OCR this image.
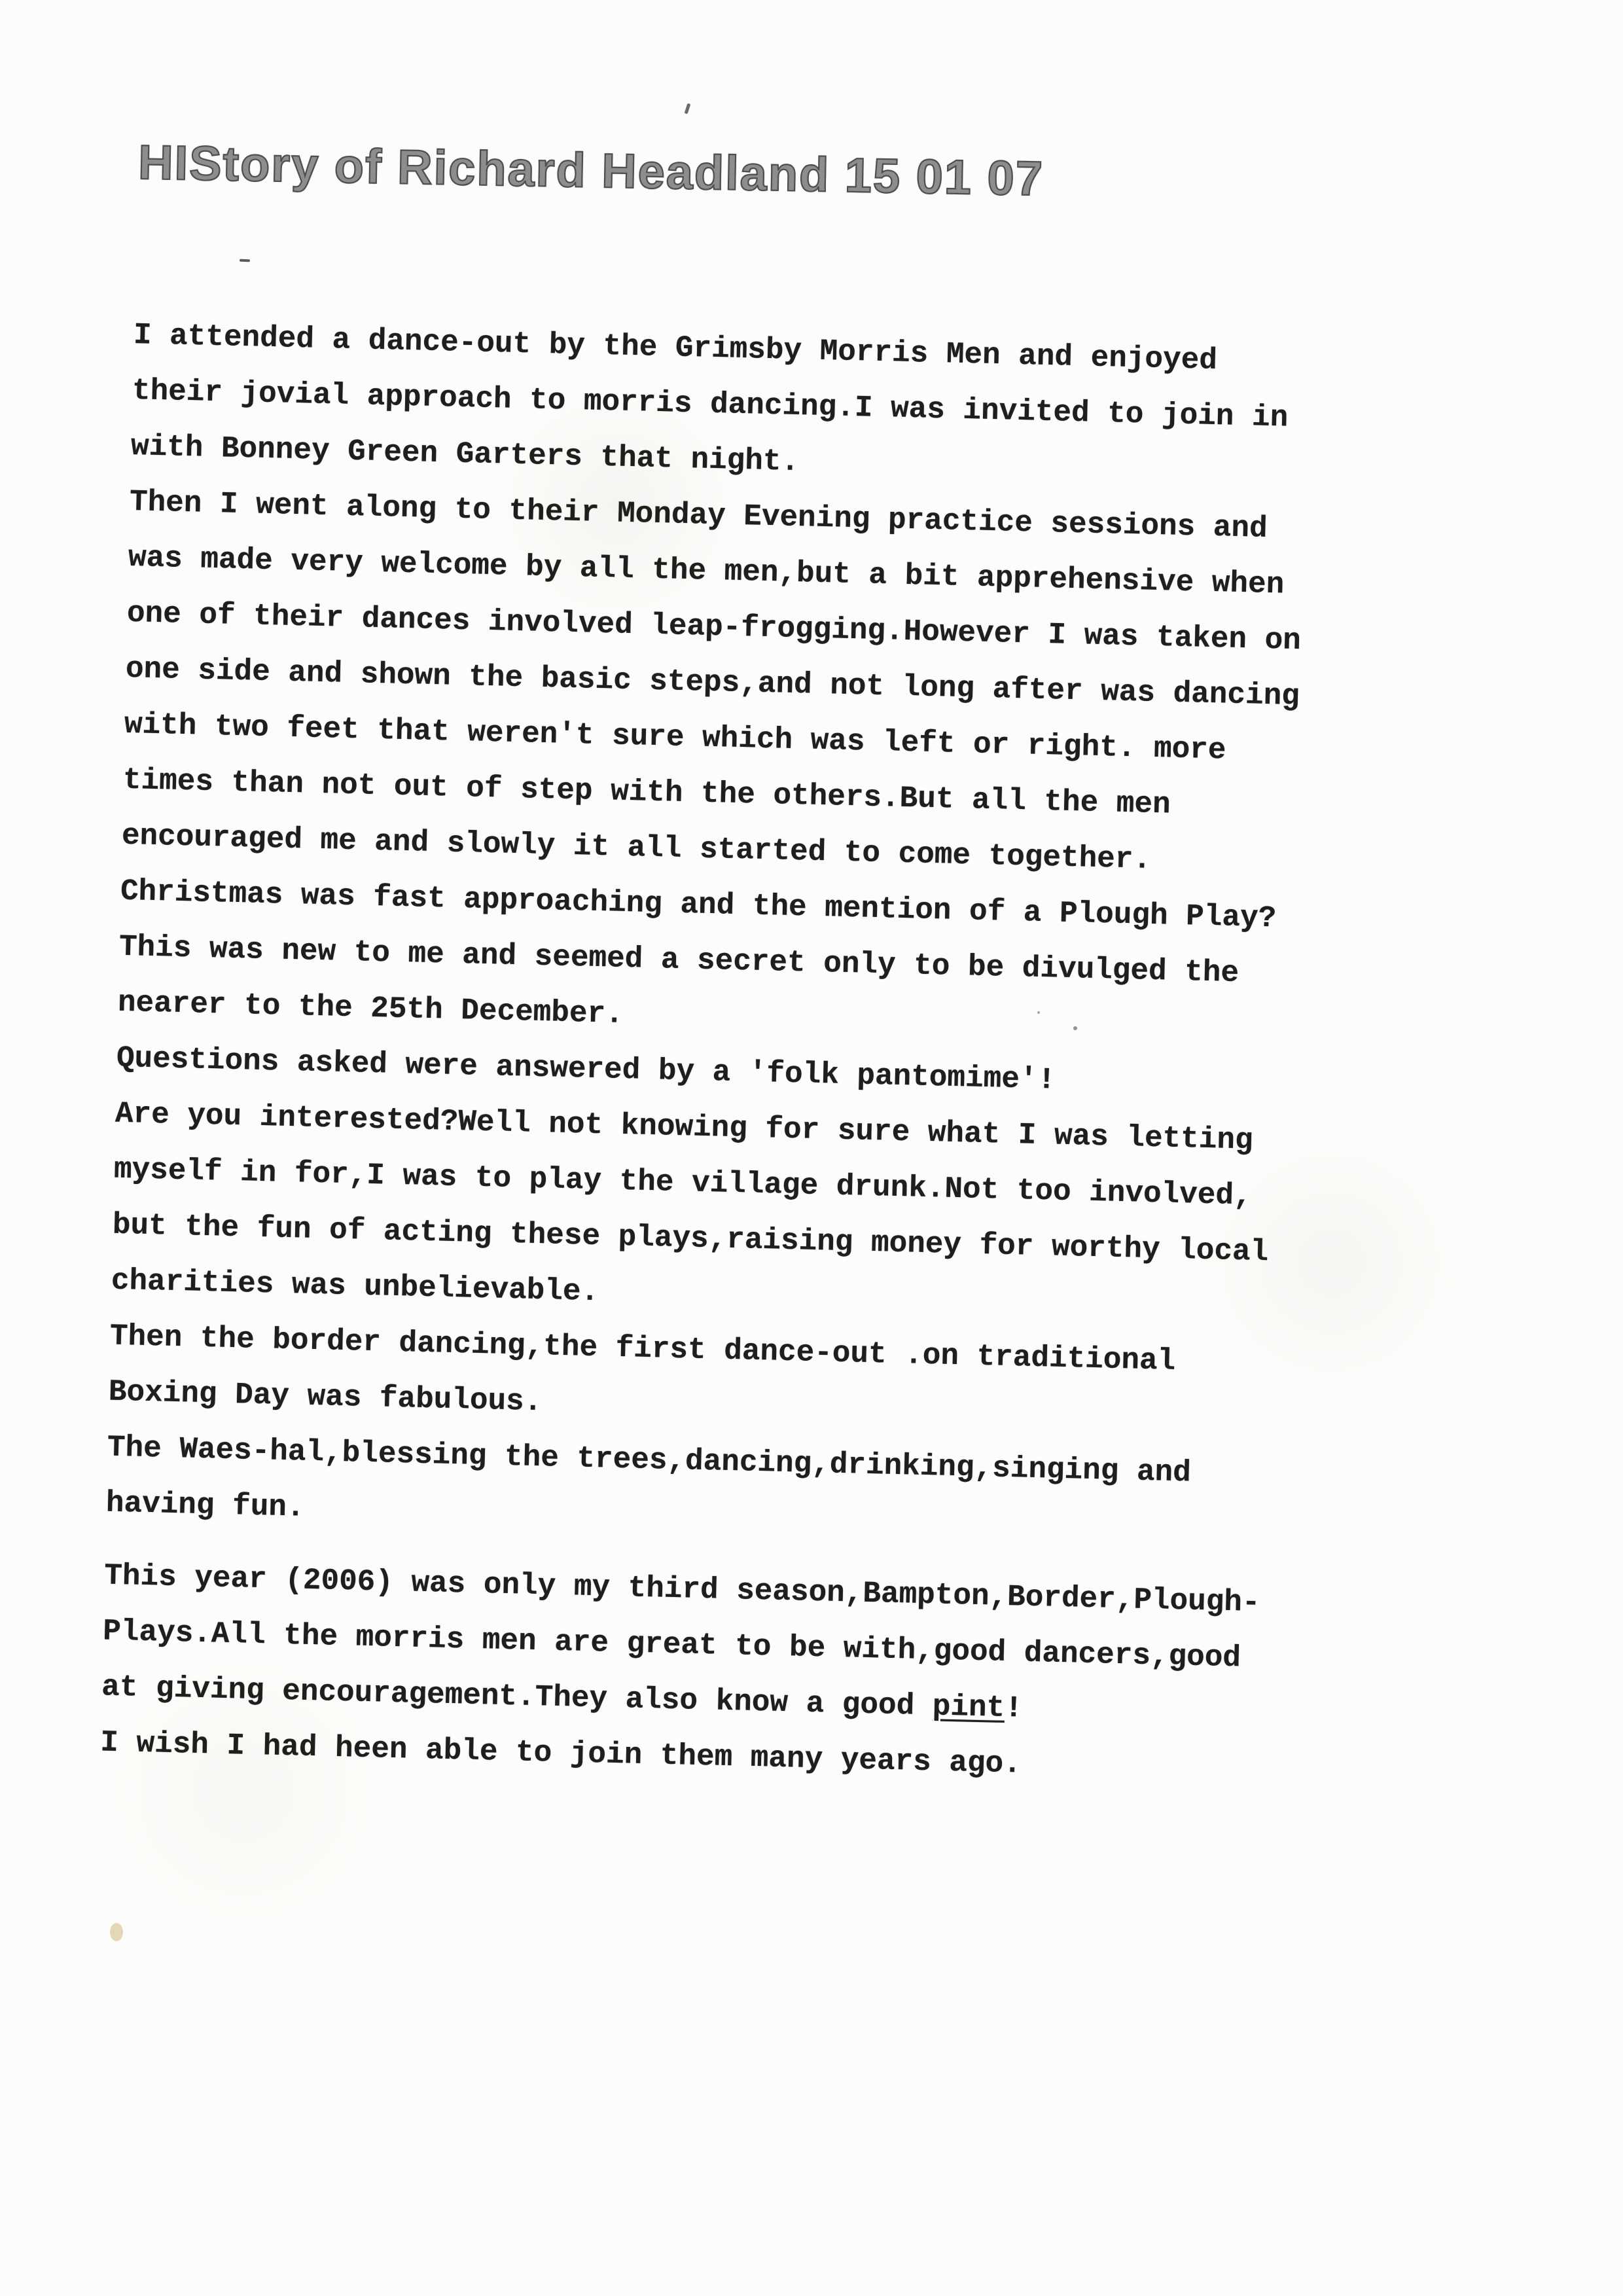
HIStory of Richard Headland 15 01 07
I attended a dance-out by the Grimsby Morris Men and enjoyed
their jovial approach to morris dancing.I was invited to join in
with Bonney Green Garters that night.
Then I went along to their Monday Evening practice sessions and
was made very welcome by all the men,but a bit apprehensive when
one of their dances involved leap-frogging.However I was taken on
one side and shown the basic steps,and not long after was dancing
with two feet that weren't sure which was left or right. more
times than not out of step with the others.But all the men
encouraged me and slowly it all started to come together.
Christmas was fast approaching and the mention of a Plough Play?
This was new to me and seemed a secret only to be divulged the
nearer to the 25th December.
Questions asked were answered by a 'folk pantomime'!
Are you interested?Well not knowing for sure what I was letting
myself in for,I was to play the village drunk.Not too involved,
but the fun of acting these plays,raising money for worthy local
charities was unbelievable.
Then the border dancing,the first dance-out .on traditional
Boxing Day was fabulous.
The Waes-hal,blessing the trees,dancing,drinking,singing and
having fun.
This year (2006) was only my third season,Bampton,Border,Plough-
Plays.All the morris men are great to be with,good dancers,good
at giving encouragement.They also know a good pint!
I wish I had heen able to join them many years ago.
